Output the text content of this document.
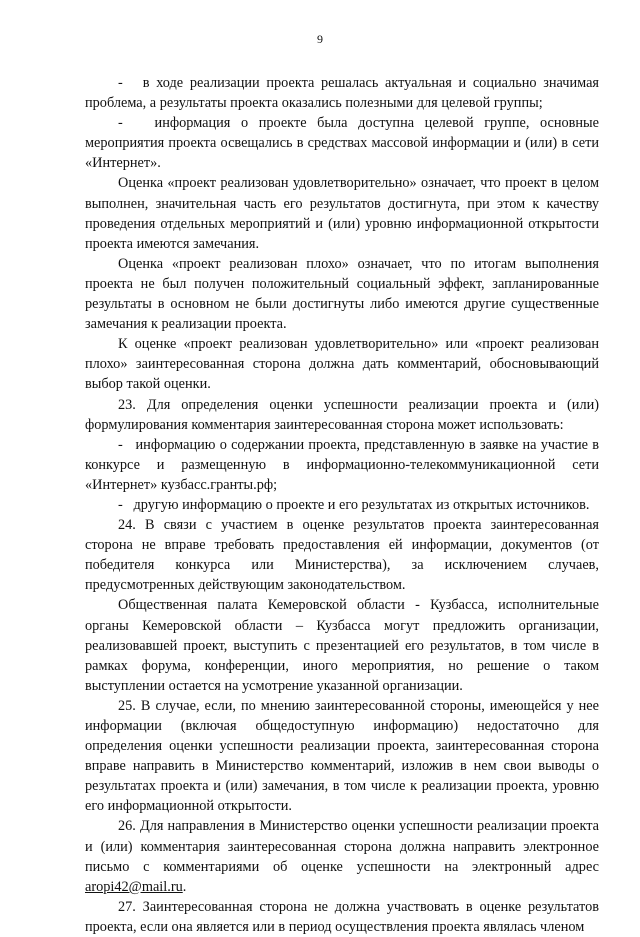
9

-   в ходе реализации проекта решалась актуальная и социально значимая проблема, а результаты проекта оказались полезными для целевой группы;

-   информация о проекте была доступна целевой группе, основные мероприятия проекта освещались в средствах массовой информации и (или) в сети «Интернет».

Оценка «проект реализован удовлетворительно» означает, что проект в целом выполнен, значительная часть его результатов достигнута, при этом к качеству проведения отдельных мероприятий и (или) уровню информационной открытости проекта имеются замечания.

Оценка «проект реализован плохо» означает, что по итогам выполнения проекта не был получен положительный социальный эффект, запланированные результаты в основном не были достигнуты либо имеются другие существенные замечания к реализации проекта.

К оценке «проект реализован удовлетворительно» или «проект реализован плохо» заинтересованная сторона должна дать комментарий, обосновывающий выбор такой оценки.

23. Для определения оценки успешности реализации проекта и (или) формулирования комментария заинтересованная сторона может использовать:

-   информацию о содержании проекта, представленную в заявке на участие в конкурсе и размещенную в информационно-телекоммуникационной сети «Интернет» кузбасс.гранты.рф;

-   другую информацию о проекте и его результатах из открытых источников.

24. В связи с участием в оценке результатов проекта заинтересованная сторона не вправе требовать предоставления ей информации, документов (от победителя конкурса или Министерства), за исключением случаев, предусмотренных действующим законодательством.

Общественная палата Кемеровской области - Кузбасса, исполнительные органы Кемеровской области – Кузбасса могут предложить организации, реализовавшей проект, выступить с презентацией его результатов, в том числе в рамках форума, конференции, иного мероприятия, но решение о таком выступлении остается на усмотрение указанной организации.

25. В случае, если, по мнению заинтересованной стороны, имеющейся у нее информации (включая общедоступную информацию) недостаточно для определения оценки успешности реализации проекта, заинтересованная сторона вправе направить в Министерство комментарий, изложив в нем свои выводы о результатах проекта и (или) замечания, в том числе к реализации проекта, уровню его информационной открытости.

26. Для направления в Министерство оценки успешности реализации проекта и (или) комментария заинтересованная сторона должна направить электронное письмо с комментариями об оценке успешности на электронный адрес aropi42@mail.ru.

27. Заинтересованная сторона не должна участвовать в оценке результатов проекта, если она является или в период осуществления проекта являлась членом
